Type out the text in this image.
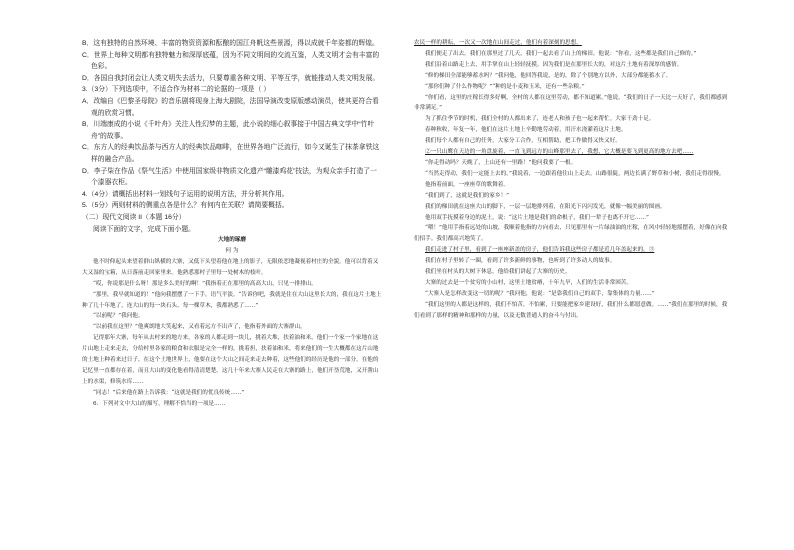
B．这有独特的自然环境、丰富的物资资源和酝酿的国江舟帆这些景源，得以成就千年姿都的辉煌。

C．世界上每种文明都有独特魅力和深厚底蕴，因为不同文明间的交流互鉴，人类文明才会有丰富的色彩。

D．各国自我封闭会让人类文明失去活力，只要尊重各种文明、平等互学，就能推动人类文明发展。

3.（3分）下列选项中，不适合作为材料二的论据的一项是（ ）

A．改编自《巴黎圣母院》的音乐剧将现身上海大剧院，法国导演改变原版感动演员，使其更符合看观的欣赏习惯。

B．川端康成的小说《千叶舟》关注人性幻梦的主题，此小说的细心叙事接于中国古典文学中“竹叶舟”的故事。

C．东方人的经典饮品茶与西方人的经典饮品咖啡，在世界各地广泛流行，如今又诞生了抹茶拿铁这样的融合产品。

D．李子柒在作品《祭气生活》中使用国家级非物质文化遗产“雕漆鸡花”技法，为观众亲手打造了一个漆器衣柜。

4.（4分）请概括出材料一划线句子运用的说明方法，并分析其作用。

5.（5分）两则材料的侧重点各是什么？有何内在关联？请简要概括。

（二）现代文阅读 II（本题 16分）

阅读下面的文字，完成下面小题。

大地的琢磨

何 为

他不时仰起头来望着群山纵横的大寨，又低下头望着他在地上的影子，无限依恋地凝视着村庄的全貌。他可以背着又大又湿的宝箱，从日落前走回家里来。他熟悉那村子里每一处树木的枝叶。

“哎，你说那是什么呀！那是多么美好的啊！”我指着正在那里的高高大山，只见一排排山。

“那里，我早就知道的！”他向我摆摆了一下手，语气平淡。“告诉你吧，我就是住在大山这里长大的，我在这片土地上种了几十年地了，连大山的每一块石头、每一棵草木，我都熟悉了……”

“以前呢？”我问他。

“以前我在这里？”他爽朗地大笑起来，又看着远方不出声了，他指着外面的大寨群山。

记得那年大寨，每年从去村来的地方来，各家的人都走到一块儿，挑着大堆，扶着油和米，他们一个家一个家地在这片山地上走来走去，分给村里各家的粮食和衣服是完全一样的，挑着担，扶着油和米，将来他们的一生大概都在这片山地的土地上种着来过日子，在这个土地世界上，他要在这个大山之间走来走去种着，这些他们的经历是他的一部分，在他的记忆里一直都存在着，而且大山的变化他看得清清楚楚。这几十年来大寨人民走在大寨的路上，他们开垦荒地，又开凿山上的水渠，修筑水库……

“同志！”后来他在路上告诉我：“这就是我们的优良传统……”

6．下列对文中大山的描写，理解不恰当的一项是……

农民一样的耕耘，一次又一次地在山间走过，他们有着深刻的思想。

我们便走了出去。我们在那里过了几天，我们一起去看了山上的梯田。他说：“你看，这些都是我们自己修的。”

我们沿着山路走上去，用手掌在山上轻轻抚摸。因为我们是在那里长大的，对这片土地有着深厚的感情。

“修的梯田全部能够蓄水吗？”我问他，他回答我说，是的，除了个别地方以外，大部分都能蓄水了。

“那你们种了什么作物呢？”“种的是小麦和玉米，还有一些杂粮。”

“你们看，这里的庄稼长得多好啊，全村的人都在这里劳动，都不知道累。”他说，“我们的日子一天比一天好了，我们都感到非常满足。”

为了抓住季节的时机，我们全村的人都出来了，连老人和孩子也一起来帮忙。大家干劲十足。

春种秋收，年复一年，他们在这片土地上辛勤地劳动着，用汗水浇灌着这片土地。

我们每个人都有自己的任务，大家分工合作，互相帮助，把工作做得又快又好。

②一只山鹰在天边的一角盘旋着，一直飞到远方的山峰那里去了，我想，它大概是要飞到更高的地方去吧……

“你走得动吗？天晚了，上山还有一里路！”他问我要了一根。

“当然走得动，我们一定能上去的。”我说着，一边跟着他往山上走去。山路很陡，两边长满了野草和小树，我们走得很慢。

他指着前面，一座座草的歌舞着。

“我们到了，这就是我们的家乡！”

我们的梯田就在这座大山的脚下，一层一层地排列着，在阳光下闪闪发光，就像一幅美丽的图画。

他用双手抚摸着身边的泥土，说：“这片土地是我们的命根子，我们一辈子也离不开它……”

“喂！”他用手指着远处的山坡，我顺着他指的方向看去，只见那里有一片绿油油的庄稼，在风中轻轻地摇摆着，好像在向我们招手。我们都高兴地笑了。

我们走进了村子里，看到了一座座新盖的房子，他们告诉我这些房子都是近几年盖起来的。③

我们在村子里转了一圈，看到了许多新鲜的事物，也听到了许多动人的故事。

我们坐在村头的大树下休息，他给我们讲起了大寨的历史。

大寨的过去是一个贫穷的小山村，这里土地贫瘠，十年九旱，人们的生活非常困苦。

“大寨人是怎样改变这一切的呢？”我问他，他说：“是靠我们自己的双手，靠集体的力量……”

“我们这里的人都是这样的，我们不怕苦，不怕累，只要能把家乡建设好，我们什么都愿意做。……”我们在那里的时候，我们看到了那样的精神和那样的力量，以及无数普通人的奋斗与付出。
